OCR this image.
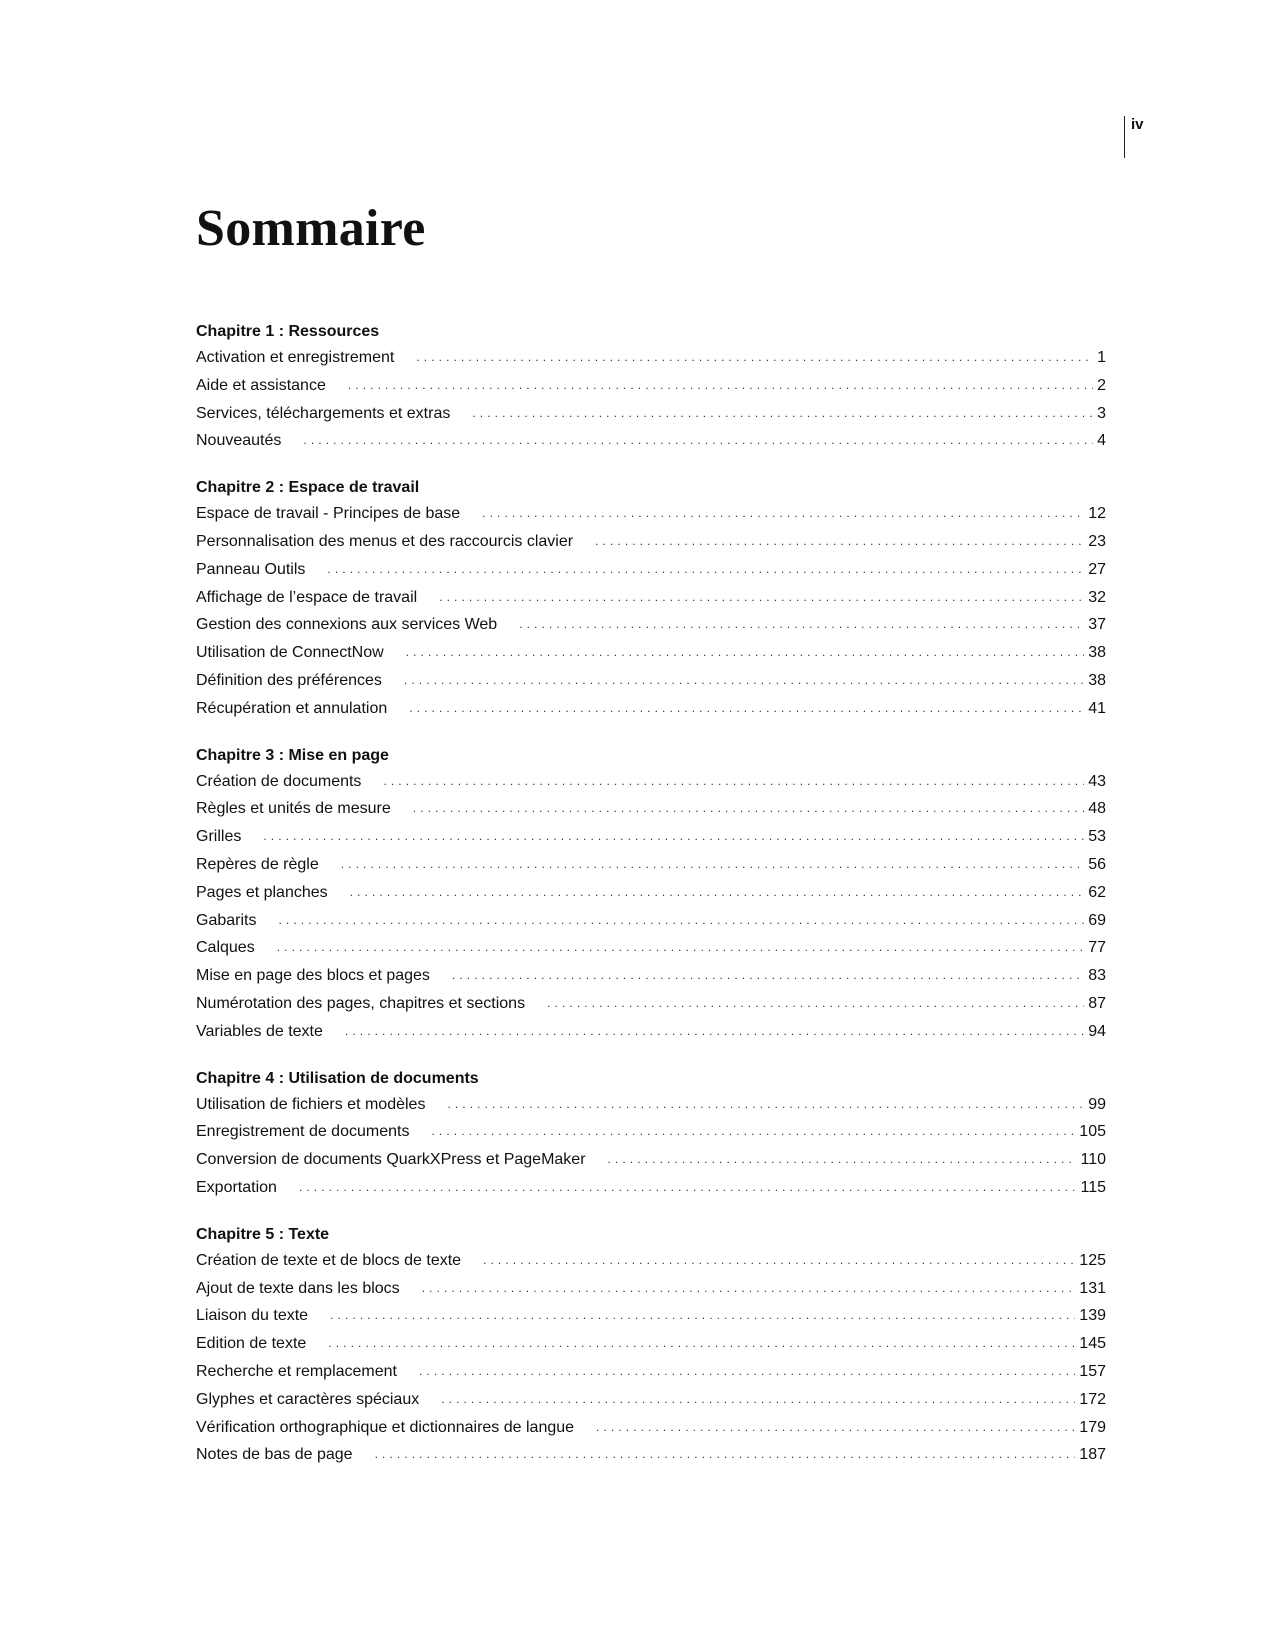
iv
Sommaire
Chapitre 1 : Ressources
Activation et enregistrement .....	1
Aide et assistance .....	2
Services, téléchargements et extras .....	3
Nouveautés .....	4
Chapitre 2 : Espace de travail
Espace de travail - Principes de base .....	12
Personnalisation des menus et des raccourcis clavier .....	23
Panneau Outils .....	27
Affichage de l’espace de travail .....	32
Gestion des connexions aux services Web .....	37
Utilisation de ConnectNow .....	38
Définition des préférences .....	38
Récupération et annulation .....	41
Chapitre 3 : Mise en page
Création de documents .....	43
Règles et unités de mesure .....	48
Grilles .....	53
Repères de règle .....	56
Pages et planches .....	62
Gabarits .....	69
Calques .....	77
Mise en page des blocs et pages .....	83
Numérotation des pages, chapitres et sections .....	87
Variables de texte .....	94
Chapitre 4 : Utilisation de documents
Utilisation de fichiers et modèles .....	99
Enregistrement de documents .....	105
Conversion de documents QuarkXPress et PageMaker .....	110
Exportation .....	115
Chapitre 5 : Texte
Création de texte et de blocs de texte .....	125
Ajout de texte dans les blocs .....	131
Liaison du texte .....	139
Edition de texte .....	145
Recherche et remplacement .....	157
Glyphes et caractères spéciaux .....	172
Vérification orthographique et dictionnaires de langue .....	179
Notes de bas de page .....	187
